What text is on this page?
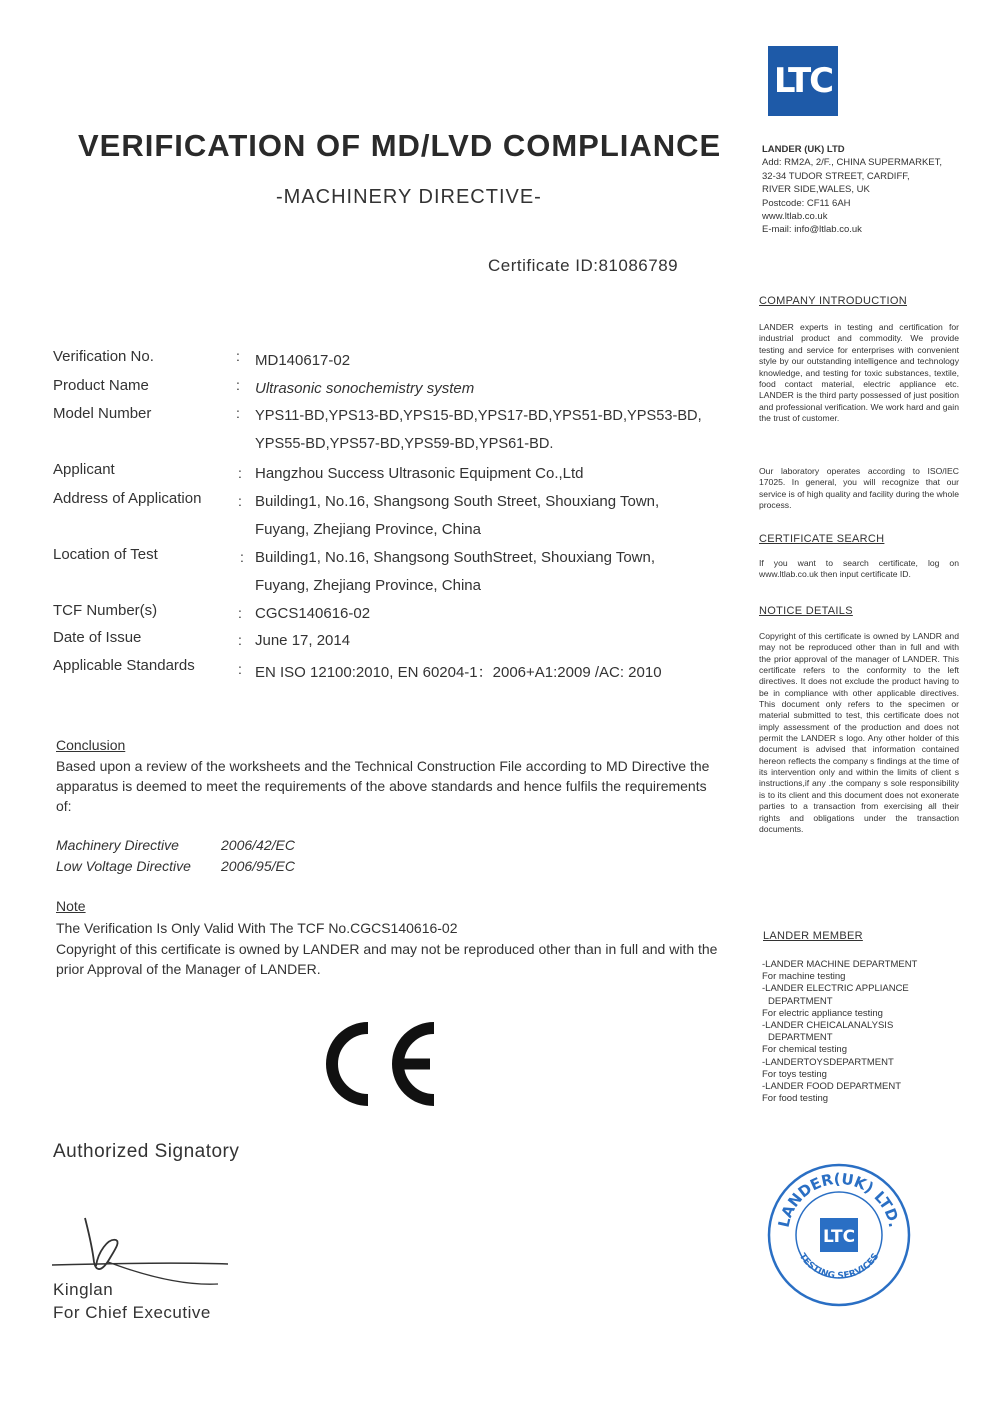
VERIFICATION OF MD/LVD COMPLIANCE
-MACHINERY DIRECTIVE-
Certificate ID:81086789
LTC
LANDER (UK) LTD
Add: RM2A, 2/F., CHINA SUPERMARKET,
32-34 TUDOR STREET, CARDIFF,
RIVER SIDE,WALES, UK
Postcode: CF11 6AH
www.ltlab.co.uk
E-mail: info@ltlab.co.uk
Verification No.	: MD140617-02
Product Name	: Ultrasonic sonochemistry system
Model Number	: YPS11-BD,YPS13-BD,YPS15-BD,YPS17-BD,YPS51-BD,YPS53-BD,
YPS55-BD,YPS57-BD,YPS59-BD,YPS61-BD.
Applicant	: Hangzhou Success Ultrasonic Equipment Co.,Ltd
Address of Application	: Building1, No.16, Shangsong South Street, Shouxiang Town,
Fuyang, Zhejiang Province, China
Location of Test	: Building1, No.16, Shangsong SouthStreet, Shouxiang Town,
Fuyang, Zhejiang Province, China
TCF Number(s)	: CGCS140616-02
Date of Issue	: June 17, 2014
Applicable Standards	: EN ISO 12100:2010, EN 60204-1：2006+A1:2009 /AC: 2010
Conclusion
Based upon a review of the worksheets and the Technical Construction File according to MD Directive the apparatus is deemed to meet the requirements of the above standards and hence fulfils the requirements of:
Machinery Directive	2006/42/EC
Low Voltage Directive 2006/95/EC
Note
The Verification Is Only Valid With The TCF No.CGCS140616-02
Copyright of this certificate is owned by LANDER and may not be reproduced other than in full and with the prior Approval of the Manager of LANDER.
Authorized Signatory
Kinglan
For Chief Executive
COMPANY INTRODUCTION
LANDER experts in testing and certification for industrial product and commodity. We provide testing and service for enterprises with convenient style by our outstanding intelligence and technology knowledge, and testing for toxic substances, textile, food contact material, electric appliance etc. LANDER is the third party possessed of just position and professional verification. We work hard and gain the trust of customer.
Our laboratory operates according to ISO/IEC 17025. In general, you will recognize that our service is of high quality and facility during the whole process.
CERTIFICATE SEARCH
If you want to search certificate, log on www.ltlab.co.uk then input certificate ID.
NOTICE DETAILS
Copyright of this certificate is owned by LANDR and may not be reproduced other than in full and with the prior approval of the manager of LANDER. This certificate refers to the conformity to the left directives. It does not exclude the product having to be in compliance with other applicable directives. This document only refers to the specimen or material submitted to test, this certificate does not imply assessment of the production and does not permit the LANDER s logo. Any other holder of this document is advised that information contained hereon reflects the company s findings at the time of its intervention only and within the limits of client s instructions,if any .the company s sole responsibility is to its client and this document does not exonerate parties to a transaction from exercising all their rights and obligations under the transaction documents.
LANDER MEMBER
-LANDER MACHINE DEPARTMENT
For machine testing
-LANDER ELECTRIC APPLIANCE
DEPARTMENT
For electric appliance testing
-LANDER CHEICALANALYSIS
DEPARTMENT
For chemical testing
-LANDERTOYSDEPARTMENT
For toys testing
-LANDER FOOD DEPARTMENT
For food testing
LANDER(UK) LTD.
TESTING SERVICES
LTC
